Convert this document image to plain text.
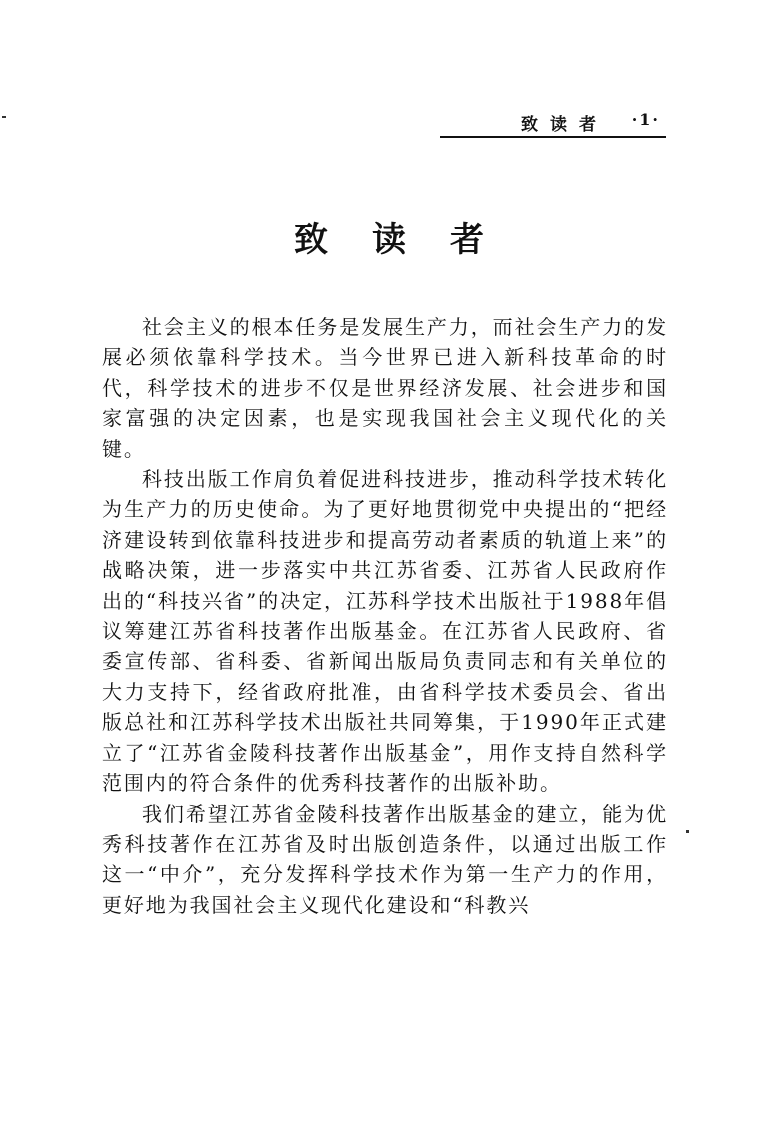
致读者 ·1·
致读者

社会主义的根本任务是发展生产力，而社会生产力的发展必须依靠科学技术。当今世界已进入新科技革命的时代，科学技术的进步不仅是世界经济发展、社会进步和国家富强的决定因素，也是实现我国社会主义现代化的关键。

科技出版工作肩负着促进科技进步，推动科学技术转化为生产力的历史使命。为了更好地贯彻党中央提出的“把经济建设转到依靠科技进步和提高劳动者素质的轨道上来”的战略决策，进一步落实中共江苏省委、江苏省人民政府作出的“科技兴省”的决定，江苏科学技术出版社于1988年倡议筹建江苏省科技著作出版基金。在江苏省人民政府、省委宣传部、省科委、省新闻出版局负责同志和有关单位的大力支持下，经省政府批准，由省科学技术委员会、省出版总社和江苏科学技术出版社共同筹集，于1990年正式建立了“江苏省金陵科技著作出版基金”，用作支持自然科学范围内的符合条件的优秀科技著作的出版补助。

我们希望江苏省金陵科技著作出版基金的建立，能为优秀科技著作在江苏省及时出版创造条件，以通过出版工作这一“中介”，充分发挥科学技术作为第一生产力的作用，更好地为我国社会主义现代化建设和“科教兴
